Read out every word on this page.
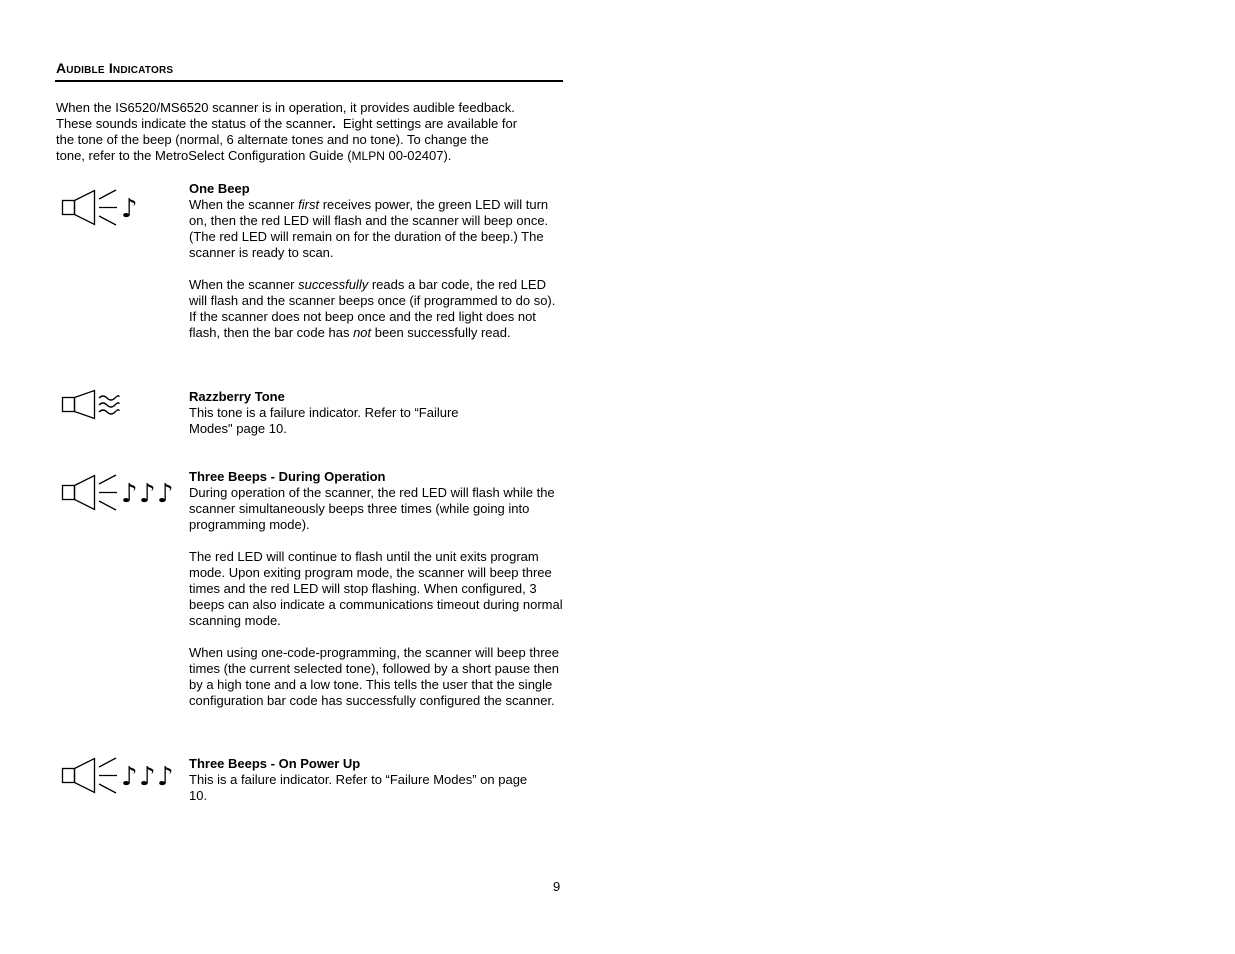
Audible Indicators
When the IS6520/MS6520 scanner is in operation, it provides audible feedback.
These sounds indicate the status of the scanner.  Eight settings are available for
the tone of the beep (normal, 6 alternate tones and no tone). To change the
tone, refer to the MetroSelect Configuration Guide (MLPN 00-02407).
♪
One Beep

When the scanner first receives power, the green LED will turn on, then the red LED will flash and the scanner will beep once. (The red LED will remain on for the duration of the beep.) The scanner is ready to scan.

When the scanner successfully reads a bar code, the red LED will flash and the scanner beeps once (if programmed to do so). If the scanner does not beep once and the red light does not flash, then the bar code has not been successfully read.

Razzberry Tone
This tone is a failure indicator. Refer to “Failure
Modes" page 10.
♪ ♪ ♪
Three Beeps - During Operation

During operation of the scanner, the red LED will flash while the scanner simultaneously beeps three times (while going into programming mode).

The red LED will continue to flash until the unit exits program mode. Upon exiting program mode, the scanner will beep three times and the red LED will stop flashing. When configured, 3 beeps can also indicate a communications timeout during normal scanning mode.

When using one-code-programming, the scanner will beep three times (the current selected tone), followed by a short pause then by a high tone and a low tone. This tells the user that the single configuration bar code has successfully configured the scanner.

♪ ♪ ♪ Three Beeps - On Power Up

This is a failure indicator. Refer to “Failure Modes” on page 10.

9
